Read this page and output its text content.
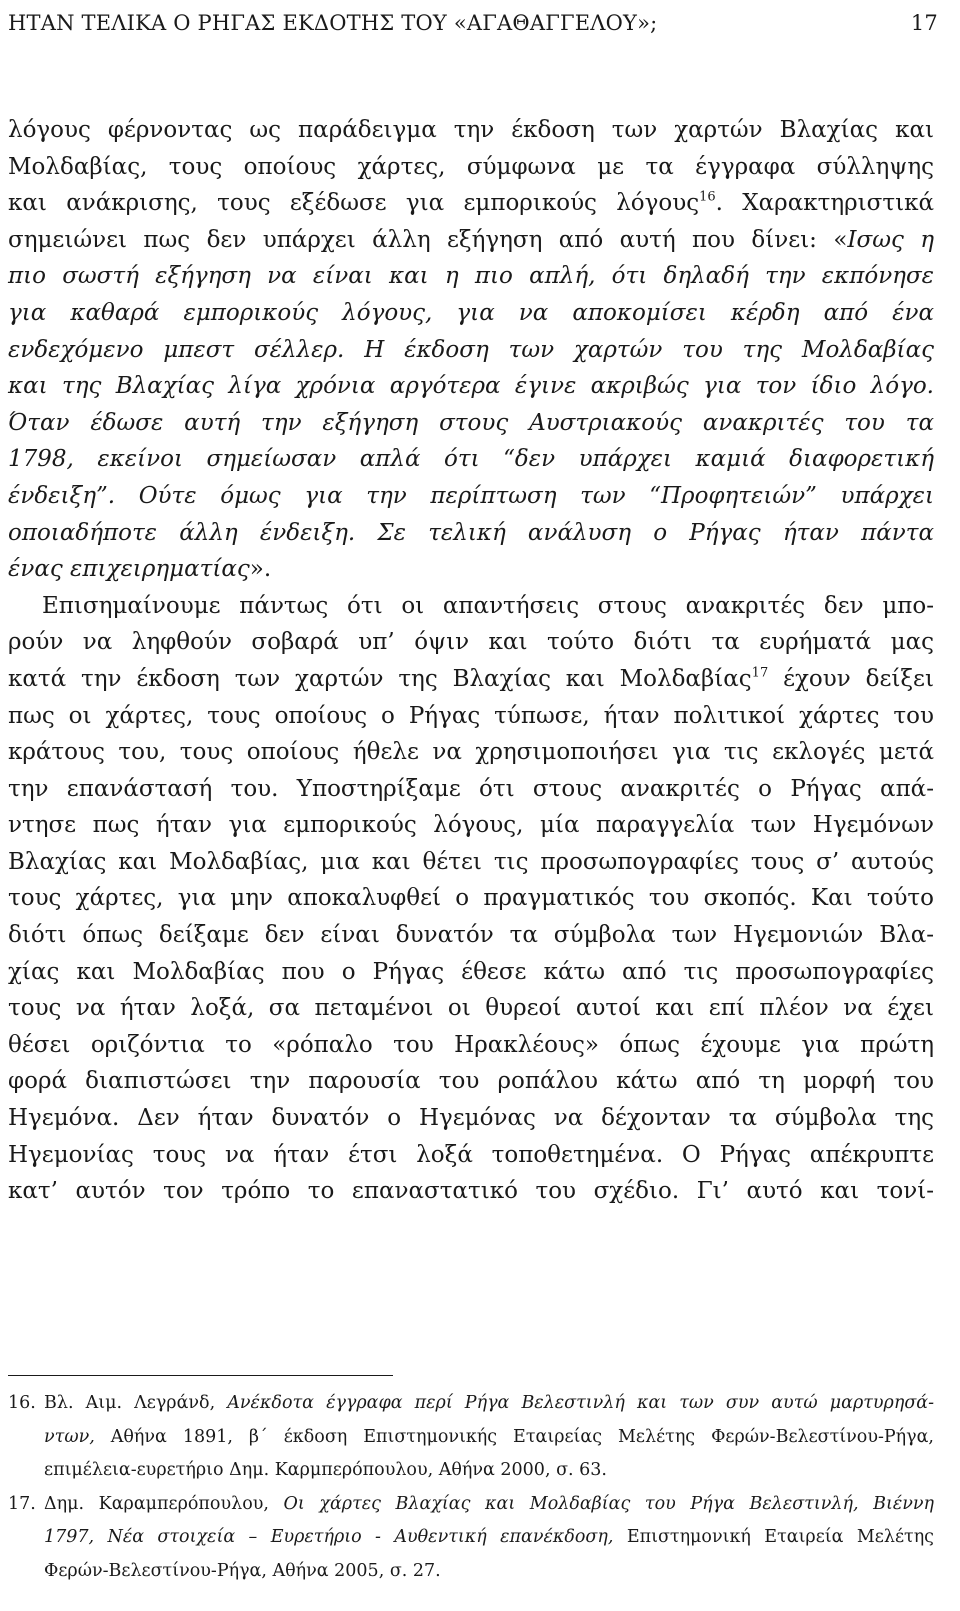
ΗΤΑΝ ΤΕΛΙΚΑ Ο ΡΗΓΑΣ ΕΚΔΟΤΗΣ ΤΟΥ «ΑΓΑΘΑΓΓΕΛΟΥ»;	17
λόγους φέρνοντας ως παράδειγμα την έκδοση των χαρτών Βλαχίας και
Μολδαβίας, τους οποίους χάρτες, σύμφωνα με τα έγγραφα σύλληψης
και ανάκρισης, τους εξέδωσε για εμπορικούς λόγους$^{16}$. Χαρακτηριστικά
σημειώνει πως δεν υπάρχει άλλη εξήγηση από αυτή που δίνει: «Ισως η
πιο σωστή εξήγηση να είναι και η πιο απλή, ότι δηλαδή την εκπόνησε
για καθαρά εμπορικούς λόγους, για να αποκομίσει κέρδη από ένα
ενδεχόμενο μπεστ σέλλερ. Η έκδοση των χαρτών του της Μολδαβίας
και της Βλαχίας λίγα χρόνια αργότερα έγινε ακριβώς για τον ίδιο λόγο.
Όταν έδωσε αυτή την εξήγηση στους Αυστριακούς ανακριτές του τα
1798, εκείνοι σημείωσαν απλά ότι “δεν υπάρχει καμιά διαφορετική
ένδειξη”. Ούτε όμως για την περίπτωση των “Προφητειών” υπάρχει
οποιαδήποτε άλλη ένδειξη. Σε τελική ανάλυση ο Ρήγας ήταν πάντα
ένας επιχειρηματίας».
Επισημαίνουμε πάντως ότι οι απαντήσεις στους ανακριτές δεν μπο-
ρούν να ληφθούν σοβαρά υπ’ όψιν και τούτο διότι τα ευρήματά μας
κατά την έκδοση των χαρτών της Βλαχίας και Μολδαβίας$^{17}$ έχουν δείξει
πως οι χάρτες, τους οποίους ο Ρήγας τύπωσε, ήταν πολιτικοί χάρτες του
κράτους του, τους οποίους ήθελε να χρησιμοποιήσει για τις εκλογές μετά
την επανάστασή του. Υποστηρίξαμε ότι στους ανακριτές ο Ρήγας απά-
ντησε πως ήταν για εμπορικούς λόγους, μία παραγγελία των Ηγεμόνων
Βλαχίας και Μολδαβίας, μια και θέτει τις προσωπογραφίες τους σ’ αυτούς
τους χάρτες, για μην αποκαλυφθεί ο πραγματικός του σκοπός. Και τούτο
διότι όπως δείξαμε δεν είναι δυνατόν τα σύμβολα των Ηγεμονιών Βλα-
χίας και Μολδαβίας που ο Ρήγας έθεσε κάτω από τις προσωπογραφίες
τους να ήταν λοξά, σα πεταμένοι οι θυρεοί αυτοί και επί πλέον να έχει
θέσει οριζόντια το «ρόπαλο του Ηρακλέους» όπως έχουμε για πρώτη
φορά διαπιστώσει την παρουσία του ροπάλου κάτω από τη μορφή του
Ηγεμόνα. Δεν ήταν δυνατόν ο Ηγεμόνας να δέχονταν τα σύμβολα της
Ηγεμονίας τους να ήταν έτσι λοξά τοποθετημένα. Ο Ρήγας απέκρυπτε
κατ’ αυτόν τον τρόπο το επαναστατικό του σχέδιο. Γι’ αυτό και τονί-
16. Βλ. Αιμ. Λεγράνδ, Ανέκδοτα έγγραφα περί Ρήγα Βελεστινλή και των συν αυτώ μαρτυρησά-
ντων, Αθήνα 1891, β΄ έκδοση Επιστημονικής Εταιρείας Μελέτης Φερών-Βελεστίνου-Ρήγα,
επιμέλεια-ευρετήριο Δημ. Καρμπερόπουλου, Αθήνα 2000, σ. 63.
17. Δημ. Καραμπερόπουλου, Οι χάρτες Βλαχίας και Μολδαβίας του Ρήγα Βελεστινλή, Βιέννη
1797, Νέα στοιχεία – Ευρετήριο - Αυθεντική επανέκδοση, Επιστημονική Εταιρεία Μελέτης
Φερών-Βελεστίνου-Ρήγα, Αθήνα 2005, σ. 27.
